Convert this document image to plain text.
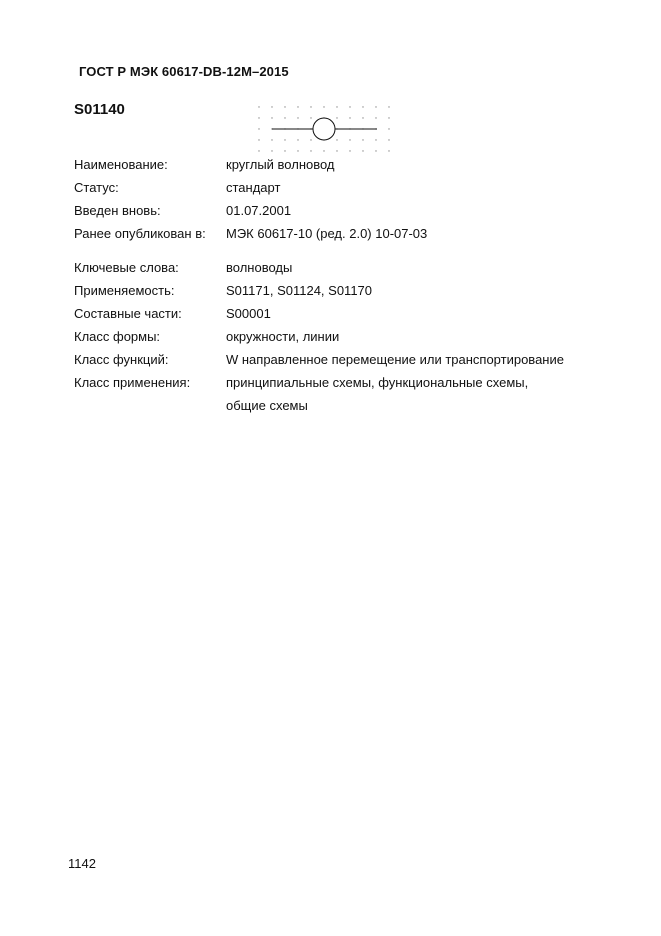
ГОСТ Р МЭК 60617-DB-12M–2015
S01140
Наименование:	круглый волновод
Статус:	стандарт
Введен вновь:	01.07.2001
Ранее опубликован в:	МЭК 60617-10 (ред. 2.0) 10-07-03
Ключевые слова:	волноводы
Применяемость:	S01171, S01124, S01170
Составные части:	S00001
Класс формы:	окружности, линии
Класс функций:	W направленное перемещение или транспортирование
Класс применения:	принципиальные схемы, функциональные схемы,
общие схемы
1142
